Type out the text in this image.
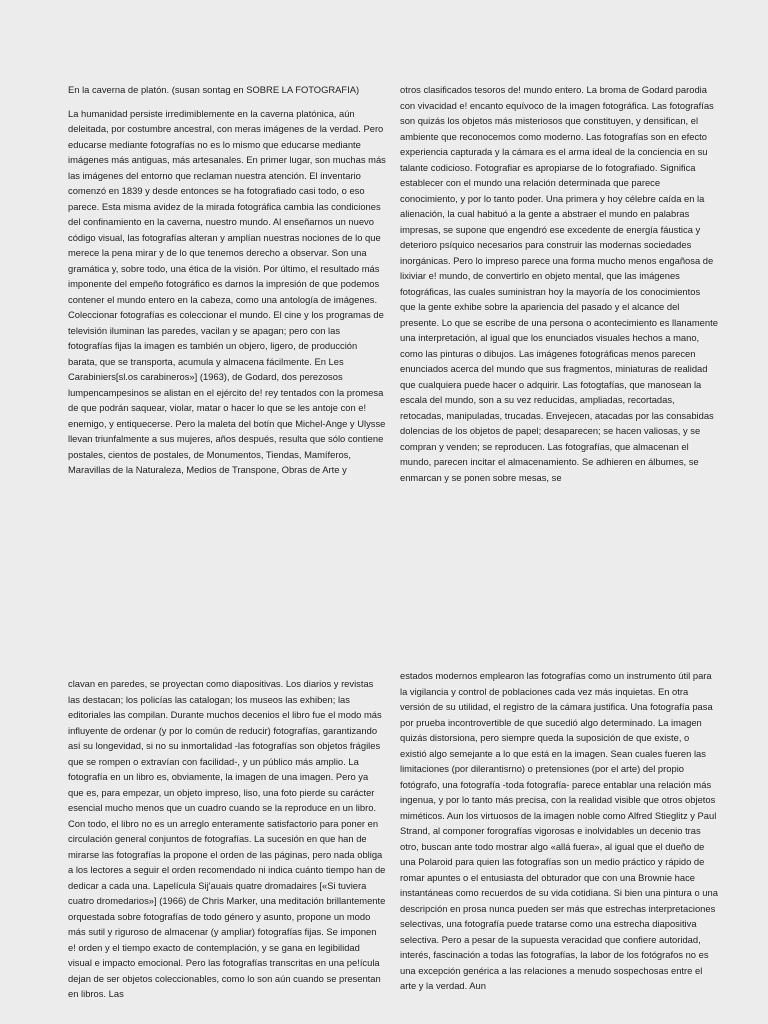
En la caverna de platón. (susan sontag en SOBRE LA FOTOGRAFIA)

La humanidad persiste irredimiblemente en la caverna platónica, aún deleitada, por costumbre ancestral, con meras imágenes de la verdad. Pero educarse mediante fotografías no es lo mismo que educarse mediante imágenes más antiguas, más artesanales. En primer lugar, son muchas más las imágenes del entorno que reclaman nuestra atención. El inventario comenzó en 1839 y desde entonces se ha fotografiado casi todo, o eso parece. Esta misma avidez de la mirada fotográfica cambia las condiciones del confinamiento en la caverna, nuestro mundo. Al enseñarnos un nuevo código visual, las fotografías alteran y amplían nuestras nociones de lo que merece la pena mirar y de lo que tenemos derecho a observar. Son una gramática y, sobre todo, una ética de la visión. Por último, el resultado más imponente del empeño fotográfico es darnos la impresión de que podemos contener el mundo entero en la cabeza, como una antología de imágenes. Coleccionar fotografías es coleccionar el mundo. El cine y los programas de televisión iluminan las paredes, vacilan y se apagan; pero con las fotografías fijas la imagen es también un objero, ligero, de producción barata, que se transporta, acumula y almacena fácilmente. En Les Carabiniers[sl.os carabineros»] (1963), de Godard, dos perezosos lumpencampesinos se alistan en el ejército de! rey tentados con la promesa de que podrán saquear, violar, matar o hacer lo que se les antoje con e! enemigo, y entiquecerse. Pero la maleta del botín que Michel-Ange y Ulysse llevan triunfalmente a sus mujeres, años después, resulta que sólo contiene postales, cientos de postales, de Monumentos, Tiendas, Mamíferos, Maravillas de la Naturaleza, Medios de Transpone, Obras de Arte y

otros clasificados tesoros de! mundo entero. La broma de Godard parodia con vivacidad e! encanto equívoco de la imagen fotográfica. Las fotografías son quizás los objetos más misteriosos que constituyen, y densifican, el ambiente que reconocemos como moderno. Las fotografías son en efecto experiencia capturada y la cámara es el arma ideal de la conciencia en su talante codicioso. Fotografiar es apropiarse de lo fotografiado. Significa establecer con el mundo una relación determinada que parece conocimiento, y por lo tanto poder. Una primera y hoy célebre caída en la alienación, la cual habituó a la gente a abstraer el mundo en palabras impresas, se supone que engendró ese excedente de energía fáustica y deterioro psíquico necesarios para construir las modernas sociedades inorgánicas. Pero lo impreso parece una forma mucho menos engañosa de lixiviar e! mundo, de convertirlo en objeto mental, que las imágenes fotográficas, las cuales suministran hoy la mayoría de los conocimientos que la gente exhibe sobre la apariencia del pasado y el alcance del presente. Lo que se escribe de una persona o acontecimiento es llanamente una interpretación, al igual que los enunciados visuales hechos a mano, como las pinturas o dibujos. Las imágenes fotográficas menos parecen enunciados acerca del mundo que sus fragmentos, miniaturas de realidad que cualquiera puede hacer o adquirir. Las fotogtafías, que manosean la escala del mundo, son a su vez reducidas, ampliadas, recortadas, retocadas, manipuladas, trucadas. Envejecen, atacadas por las consabidas dolencias de los objetos de papel; desaparecen; se hacen valiosas, y se compran y venden; se reproducen. Las fotografías, que almacenan el mundo, parecen incitar el almacenamiento. Se adhieren en álbumes, se enmarcan y se ponen sobre mesas, se

clavan en paredes, se proyectan como diapositivas. Los diarios y revistas las destacan; los policías las catalogan; los museos las exhiben; las editoriales las compilan. Durante muchos decenios el libro fue el modo más influyente de ordenar (y por lo común de reducir) fotografías, garantizando así su longevidad, si no su inmortalidad -las fotografías son objetos frágiles que se rompen o extravían con facilidad-, y un público más amplio. La fotografía en un libro es, obviamente, la imagen de una imagen. Pero ya que es, para empezar, un objeto impreso, liso, una foto pierde su carácter esencial mucho menos que un cuadro cuando se la reproduce en un libro. Con todo, el libro no es un arreglo enteramente satisfactorio para poner en circulación general conjuntos de fotografías. La sucesión en que han de mirarse las fotografías la propone el orden de las páginas, pero nada obliga a los lectores a seguir el orden recomendado ni indica cuánto tiempo han de dedicar a cada una. Lapelícula Sij'auais quatre dromadaires [«Si tuviera cuatro dromedarios»] (1966) de Chris Marker, una meditación brillantemente orquestada sobre fotografías de todo género y asunto, propone un modo más sutil y riguroso de almacenar (y ampliar) fotografías fijas. Se imponen e! orden y el tiempo exacto de contemplación, y se gana en legibilidad visual e impacto emocional. Pero las fotografías transcritas en una pe!ícula dejan de ser objetos coleccionables, como lo son aún cuando se presentan en libros. Las

estados modernos emplearon las fotografías como un instrumento útil para la vigilancia y control de poblaciones cada vez más inquietas. En otra versión de su utilidad, el registro de la cámara justifica. Una fotografía pasa por prueba incontrovertible de que sucedió algo determinado. La imagen quizás distorsiona, pero siempre queda la suposición de que existe, o existió algo semejante a lo que está en la imagen. Sean cuales fueren las limitaciones (por dilerantisrno) o pretensiones (por el arte) del propio fotógrafo, una fotografía -toda fotografía- parece entablar una relación más ingenua, y por lo tanto más precisa, con la realidad visible que otros objetos miméticos. Aun los virtuosos de la imagen noble como Alfred Stieglitz y Paul Strand, al componer forografías vigorosas e inolvidables un decenio tras otro, buscan ante todo mostrar algo «allá fuera», al igual que el dueño de una Polaroid para quien las fotografías son un medio práctico y rápido de romar apuntes o el entusiasta del obturador que con una Brownie hace instantáneas como recuerdos de su vida cotidiana. Si bien una pintura o una descripción en prosa nunca pueden ser más que estrechas interpretaciones selectivas, una fotografía puede tratarse como una estrecha diapositiva selectiva. Pero a pesar de la supuesta veracidad que confiere autoridad, interés, fascinación a todas las fotografías, la labor de los fotógrafos no es una excepción genérica a las relaciones a menudo sospechosas entre el arte y la verdad. Aun
